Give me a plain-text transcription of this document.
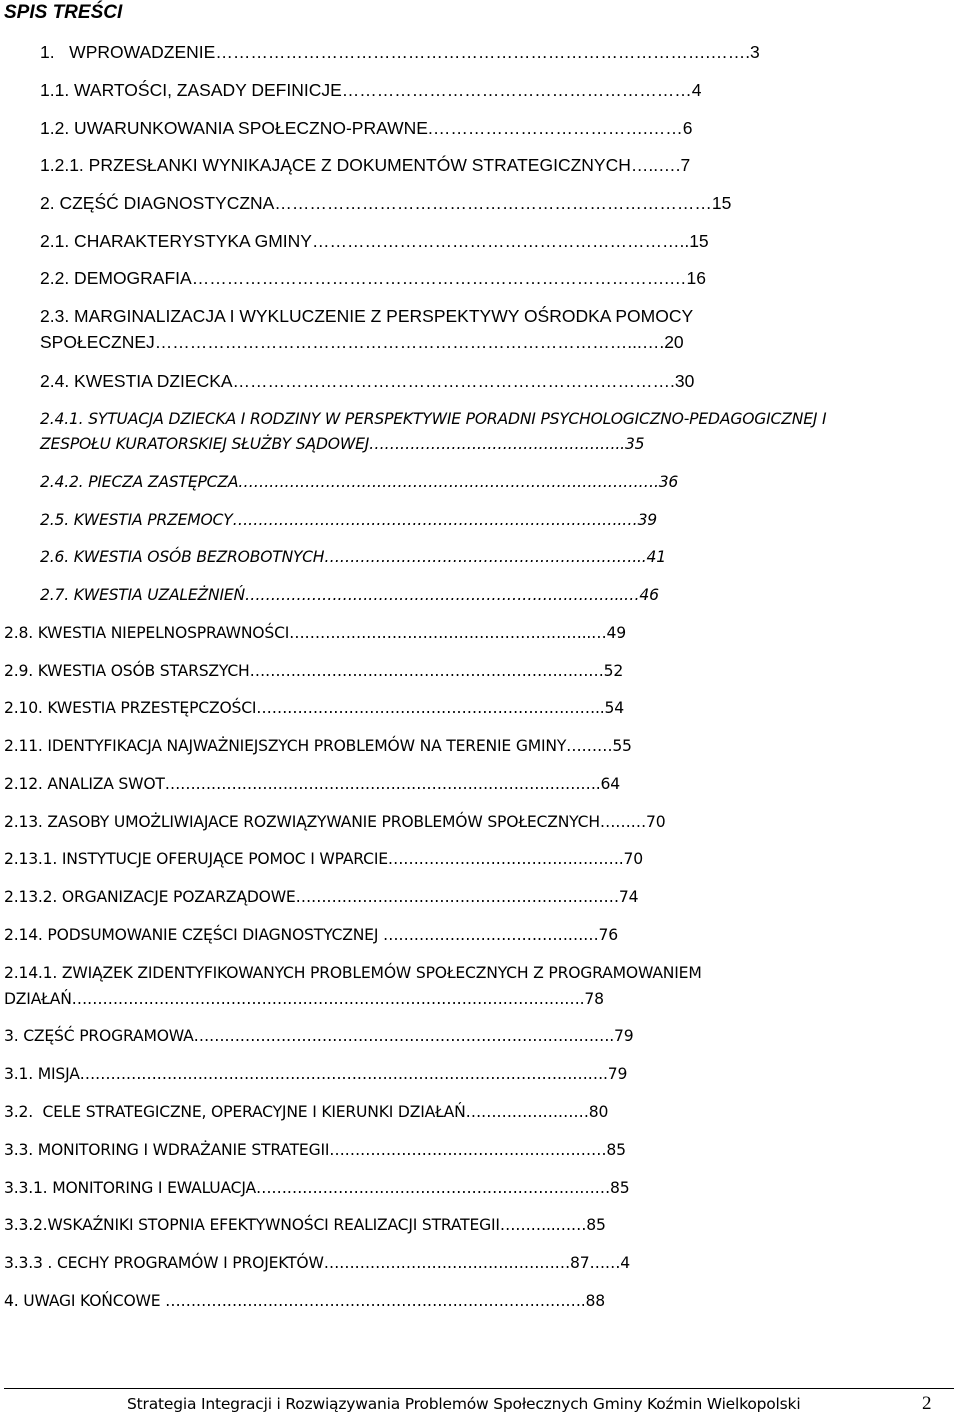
SPIS TREŚCI
1.   WPROWADZENIE………………………………………………………………………….…….3
1.1. WARTOŚCI, ZASADY DEFINICJE……………………………………………………4
1.2. UWARUNKOWANIA SPOŁECZNO-PRAWNE.……………………………….……6
1.2.1. PRZESŁANKI WYNIKAJĄCE Z DOKUMENTÓW STRATEGICZNYCH…..….7
2. CZĘŚĆ DIAGNOSTYCZNA…………………………………………………………………15
2.1. CHARAKTERYSTYKA GMINY………………………………………………………..15
2.2. DEMOGRAFIA……………………………………………………………………….…16
2.3. MARGINALIZACJA I WYKLUCZENIE Z PERSPEKTYWY OŚRODKA POMOCY
SPOŁECZNEJ………………………………………………………………………...….20
2.4. KWESTIA DZIECKA………………………………………………………………….30
2.4.1. SYTUACJA DZIECKA I RODZINY W PERSPEKTYWIE PORADNI PSYCHOLOGICZNO-PEDAGOGICZNEJ I
ZESPOŁU KURATORSKIEJ SŁUŻBY SĄDOWEJ…………………………………………..35
2.4.2. PIECZA ZASTĘPCZA……………………………………………………………………….36
2.5. KWESTIA PRZEMOCY………………………………………………………………….…39
2.6. KWESTIA OSÓB BEZROBOTNYCH……………………………………………………...41
2.7. KWESTIA UZALEŻNIEŃ………………………………………………………………..…46
2.8. KWESTIA NIEPELNOSPRAWNOŚCI…………………………………………………..…49
2.9. KWESTIA OSÓB STARSZYCH……………………………………………………………52
2.10. KWESTIA PRZESTĘPCZOŚCI…………………………………………………………..54
2.11. IDENTYFIKACJA NAJWAŻNIEJSZYCH PROBLEMÓW NA TERENIE GMINY………55
2.12. ANALIZA SWOT………………………………………………………………………….64
2.13. ZASOBY UMOŻLIWIAJACE ROZWIĄZYWANIE PROBLEMÓW SPOŁECZNYCH………70
2.13.1. INSTYTUCJE OFERUJĄCE POMOC I WPARCIE……………………………………….70
2.13.2. ORGANIZACJE POZARZĄDOWE………………………………………………………74
2.14. PODSUMOWANIE CZĘŚCI DIAGNOSTYCZNEJ ……………………………………76
2.14.1. ZWIĄZEK ZIDENTYFIKOWANYCH PROBLEMÓW SPOŁECZNYCH Z PROGRAMOWANIEM
DZIAŁAŃ……………………………………………………………………………………….78
3. CZĘŚĆ PROGRAMOWA……………………………………………………………………….79
3.1. MISJA………………………………………………………………………………………….79
3.2.  CELE STRATEGICZNE, OPERACYJNE I KIERUNKI DZIAŁAŃ……………………80
3.3. MONITORING I WDRAŻANIE STRATEGII………………………………………………85
3.3.1. MONITORING I EWALUACJA……………………………………………………………85
3.3.2.WSKAŹNIKI STOPNIA EFEKTYWNOŚCI REALIZACJI STRATEGII………..……85
3.3.3 . CECHY PROGRAMÓW I PROJEKTÓW…………………………………………87……4
4. UWAGI KOŃCOWE ……………………………………………………………………….88
Strategia Integracji i Rozwiązywania Problemów Społecznych Gminy Koźmin Wielkopolski	2
